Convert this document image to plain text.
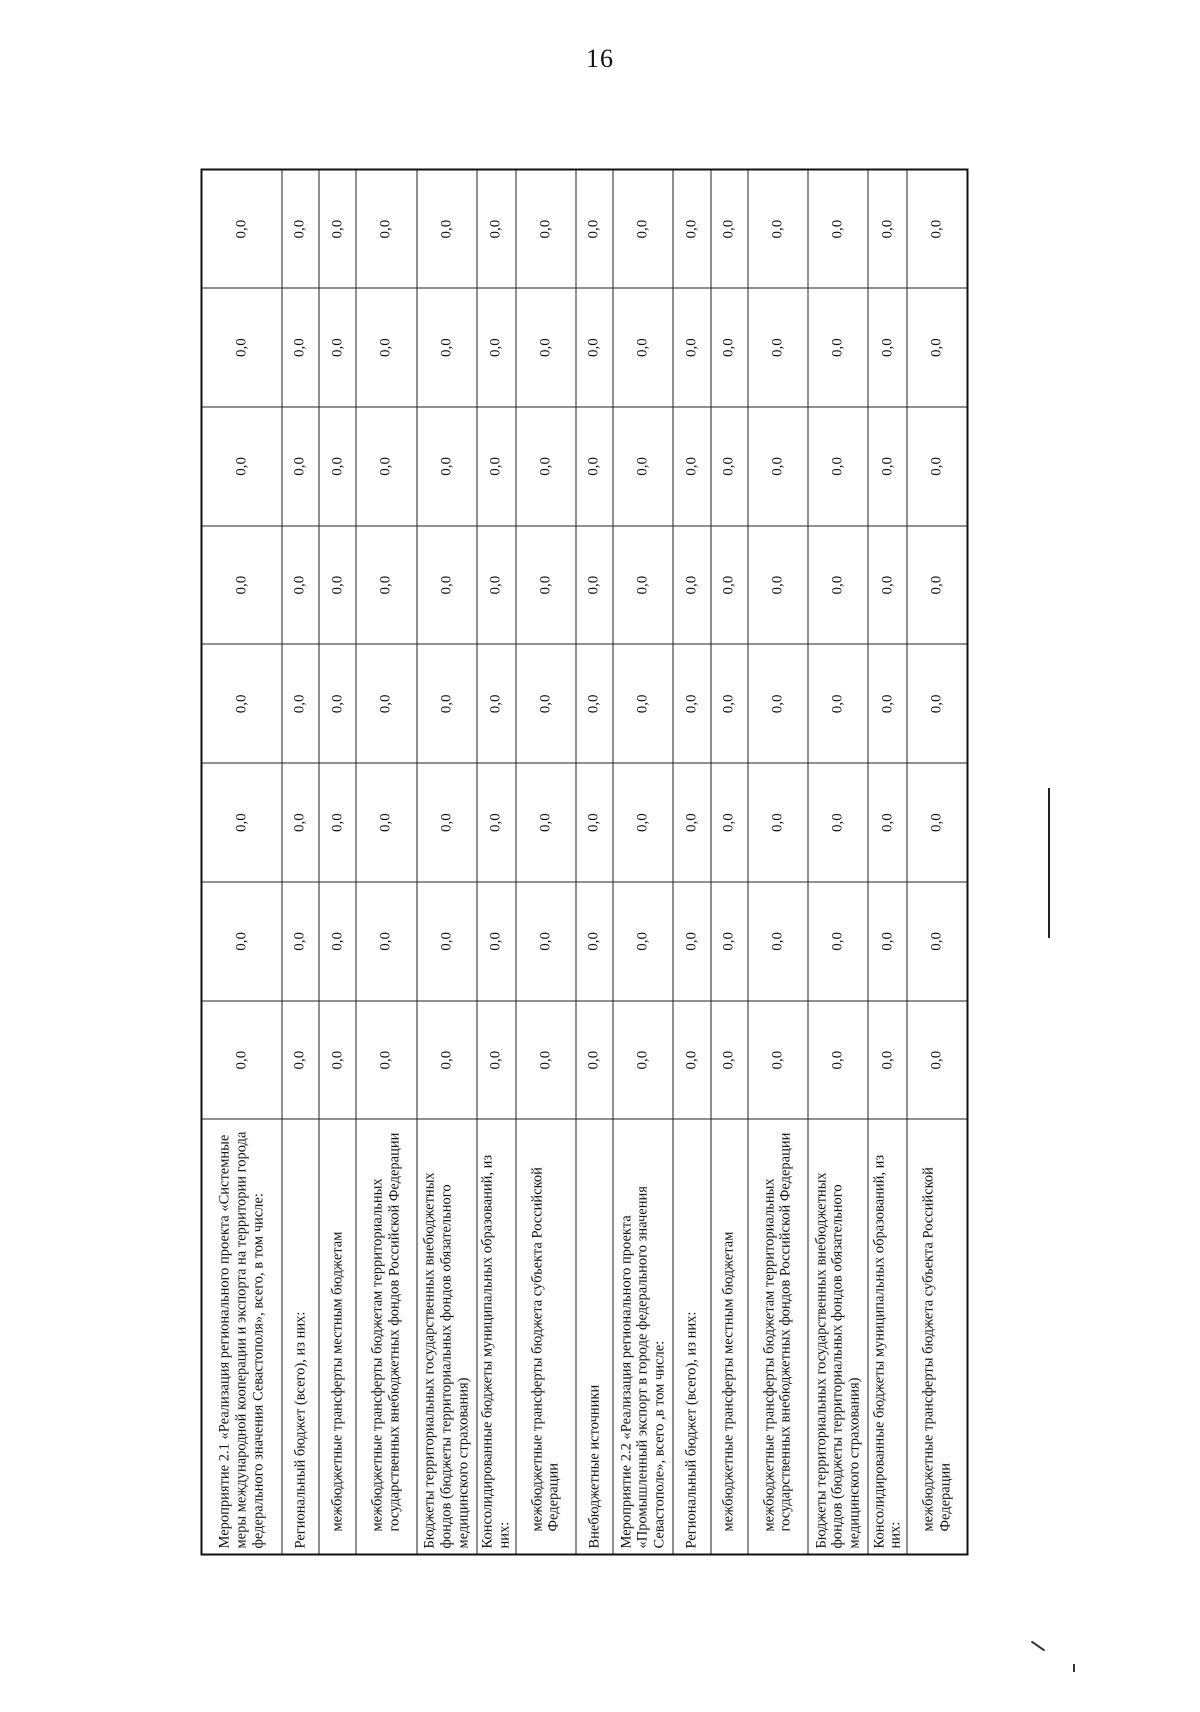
16
Мероприятие 2.1 «Реализация регионального проекта «Системные меры международной кооперации и экспорта на территории города федерального значения Севастополя», всего, в том числе:	0,0	0,0	0,0	0,0	0,0	0,0	0,0	0,0
Региональный бюджет (всего), из них:	0,0	0,0	0,0	0,0	0,0	0,0	0,0	0,0
межбюджетные трансферты местным бюджетам	0,0	0,0	0,0	0,0	0,0	0,0	0,0	0,0
межбюджетные трансферты бюджетам территориальных государственных внебюджетных фондов Российской Федерации	0,0	0,0	0,0	0,0	0,0	0,0	0,0	0,0
Бюджеты территориальных государственных внебюджетных фондов (бюджеты территориальных фондов обязательного медицинского страхования)	0,0	0,0	0,0	0,0	0,0	0,0	0,0	0,0
Консолидированные бюджеты муниципальных образований, из них:	0,0	0,0	0,0	0,0	0,0	0,0	0,0	0,0
межбюджетные трансферты бюджета субъекта Российской Федерации	0,0	0,0	0,0	0,0	0,0	0,0	0,0	0,0
Внебюджетные источники	0,0	0,0	0,0	0,0	0,0	0,0	0,0	0,0
Мероприятие 2.2 «Реализация регионального проекта «Промышленный экспорт в городе федерального значения Севастополе», всего ,в том числе:	0,0	0,0	0,0	0,0	0,0	0,0	0,0	0,0
Региональный бюджет (всего), из них:	0,0	0,0	0,0	0,0	0,0	0,0	0,0	0,0
межбюджетные трансферты местным бюджетам	0,0	0,0	0,0	0,0	0,0	0,0	0,0	0,0
межбюджетные трансферты бюджетам территориальных государственных внебюджетных фондов Российской Федерации	0,0	0,0	0,0	0,0	0,0	0,0	0,0	0,0
Бюджеты территориальных государственных внебюджетных фондов (бюджеты территориальных фондов обязательного медицинского страхования)	0,0	0,0	0,0	0,0	0,0	0,0	0,0	0,0
Консолидированные бюджеты муниципальных образований, из них:	0,0	0,0	0,0	0,0	0,0	0,0	0,0	0,0
межбюджетные трансферты бюджета субъекта Российской Федерации	0,0	0,0	0,0	0,0	0,0	0,0	0,0	0,0
